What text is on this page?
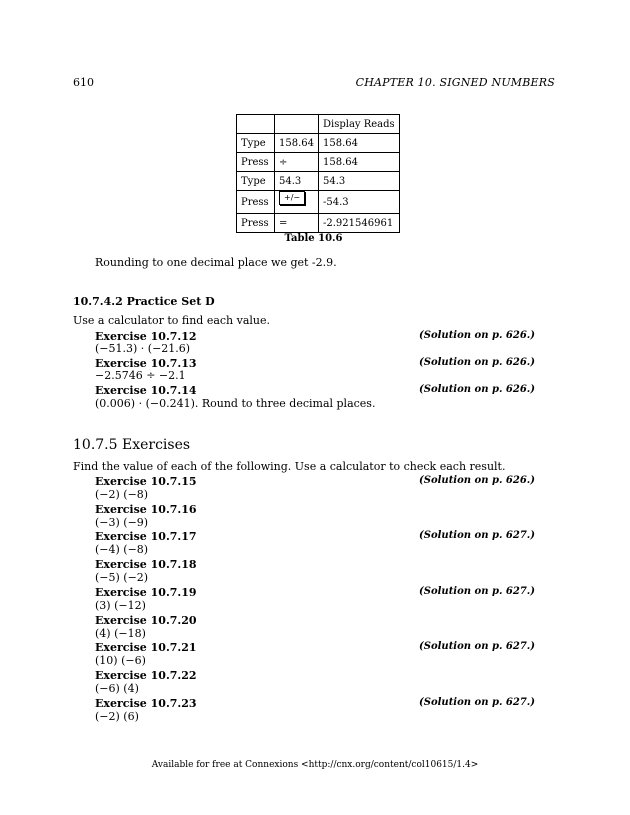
610	CHAPTER 10. SIGNED NUMBERS
		Display Reads
Type	158.64	158.64
Press	÷	158.64
Type	54.3	54.3
Press	+/−	-54.3
Press	=	-2.921546961
Table 10.6
Rounding to one decimal place we get -2.9.
10.7.4.2 Practice Set D
Use a calculator to find each value.
Exercise 10.7.12	(Solution on p. 626.)
(−51.3) · (−21.6)
Exercise 10.7.13	(Solution on p. 626.)
−2.5746 ÷ −2.1
Exercise 10.7.14	(Solution on p. 626.)
(0.006) · (−0.241). Round to three decimal places.
10.7.5 Exercises
Find the value of each of the following. Use a calculator to check each result.
Exercise 10.7.15	(Solution on p. 626.)
(−2) (−8)
Exercise 10.7.16
(−3) (−9)
Exercise 10.7.17	(Solution on p. 627.)
(−4) (−8)
Exercise 10.7.18
(−5) (−2)
Exercise 10.7.19	(Solution on p. 627.)
(3) (−12)
Exercise 10.7.20
(4) (−18)
Exercise 10.7.21	(Solution on p. 627.)
(10) (−6)
Exercise 10.7.22
(−6) (4)
Exercise 10.7.23	(Solution on p. 627.)
(−2) (6)
Available for free at Connexions <http://cnx.org/content/col10615/1.4>
